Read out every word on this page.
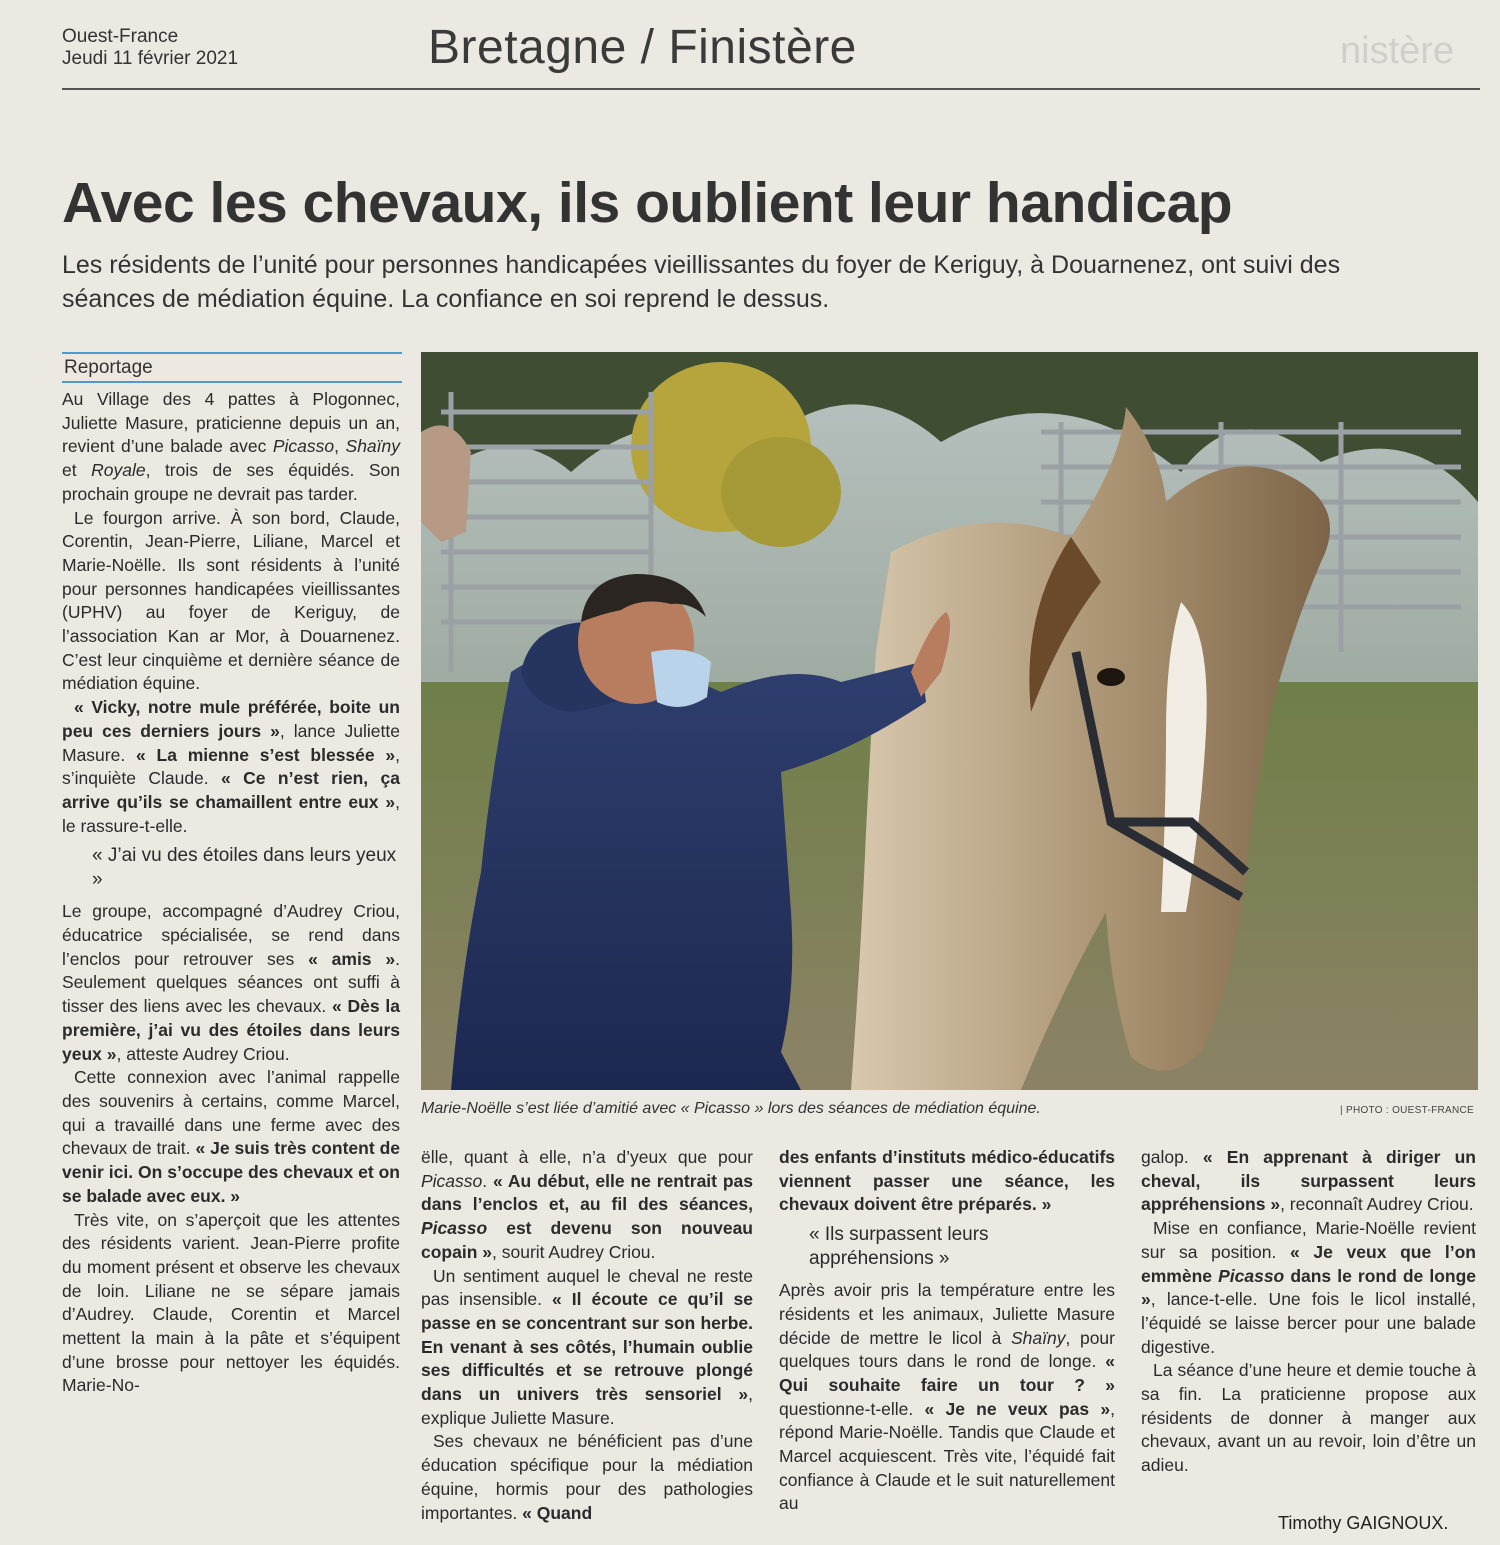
Ouest-France
Jeudi 11 février 2021	Bretagne / Finistère	nistère
Avec les chevaux, ils oublient leur handicap
Les résidents de l’unité pour personnes handicapées vieillissantes du foyer de Keriguy, à Douarnenez, ont suivi des séances de médiation équine. La confiance en soi reprend le dessus.
Reportage

Au Village des 4 pattes à Plogonnec, Juliette Masure, praticienne depuis un an, revient d’une balade avec Picasso, Shaïny et Royale, trois de ses équidés. Son prochain groupe ne devrait pas tarder.

Le fourgon arrive. À son bord, Claude, Corentin, Jean-Pierre, Liliane, Marcel et Marie-Noëlle. Ils sont résidents à l’unité pour personnes handicapées vieillissantes (UPHV) au foyer de Keriguy, de l’association Kan ar Mor, à Douarnenez. C’est leur cinquième et dernière séance de médiation équine.

« Vicky, notre mule préférée, boite un peu ces derniers jours », lance Juliette Masure. « La mienne s’est blessée », s’inquiète Claude. « Ce n’est rien, ça arrive qu’ils se chamaillent entre eux », le rassure-t-elle.

« J’ai vu des étoiles dans leurs yeux »

Le groupe, accompagné d’Audrey Criou, éducatrice spécialisée, se rend dans l’enclos pour retrouver ses « amis ». Seulement quelques séances ont suffi à tisser des liens avec les chevaux. « Dès la première, j’ai vu des étoiles dans leurs yeux », atteste Audrey Criou.

Cette connexion avec l’animal rappelle des souvenirs à certains, comme Marcel, qui a travaillé dans une ferme avec des chevaux de trait. « Je suis très content de venir ici. On s’occupe des chevaux et on se balade avec eux. »

Très vite, on s’aperçoit que les attentes des résidents varient. Jean-Pierre profite du moment présent et observe les chevaux de loin. Liliane ne se sépare jamais d’Audrey. Claude, Corentin et Marcel mettent la main à la pâte et s’équipent d’une brosse pour nettoyer les équidés. Marie-No-

Marie-Noëlle s’est liée d’amitié avec « Picasso » lors des séances de médiation équine.	| PHOTO : OUEST-FRANCE

ëlle, quant à elle, n’a d’yeux que pour Picasso. « Au début, elle ne rentrait pas dans l’enclos et, au fil des séances, Picasso est devenu son nouveau copain », sourit Audrey Criou.

Un sentiment auquel le cheval ne reste pas insensible. « Il écoute ce qu’il se passe en se concentrant sur son herbe. En venant à ses côtés, l’humain oublie ses difficultés et se retrouve plongé dans un univers très sensoriel », explique Juliette Masure.

Ses chevaux ne bénéficient pas d’une éducation spécifique pour la médiation équine, hormis pour des pathologies importantes. « Quand

des enfants d’instituts médico-éducatifs viennent passer une séance, les chevaux doivent être préparés. »

« Ils surpassent leurs appréhensions »

Après avoir pris la température entre les résidents et les animaux, Juliette Masure décide de mettre le licol à Shaïny, pour quelques tours dans le rond de longe. « Qui souhaite faire un tour ? » questionne-t-elle. « Je ne veux pas », répond Marie-Noëlle. Tandis que Claude et Marcel acquiescent. Très vite, l’équidé fait confiance à Claude et le suit naturellement au

galop. « En apprenant à diriger un cheval, ils surpassent leurs appréhensions », reconnaît Audrey Criou.

Mise en confiance, Marie-Noëlle revient sur sa position. « Je veux que l’on emmène Picasso dans le rond de longe », lance-t-elle. Une fois le licol installé, l’équidé se laisse bercer pour une balade digestive.

La séance d’une heure et demie touche à sa fin. La praticienne propose aux résidents de donner à manger aux chevaux, avant un au revoir, loin d’être un adieu.

Timothy GAIGNOUX.
